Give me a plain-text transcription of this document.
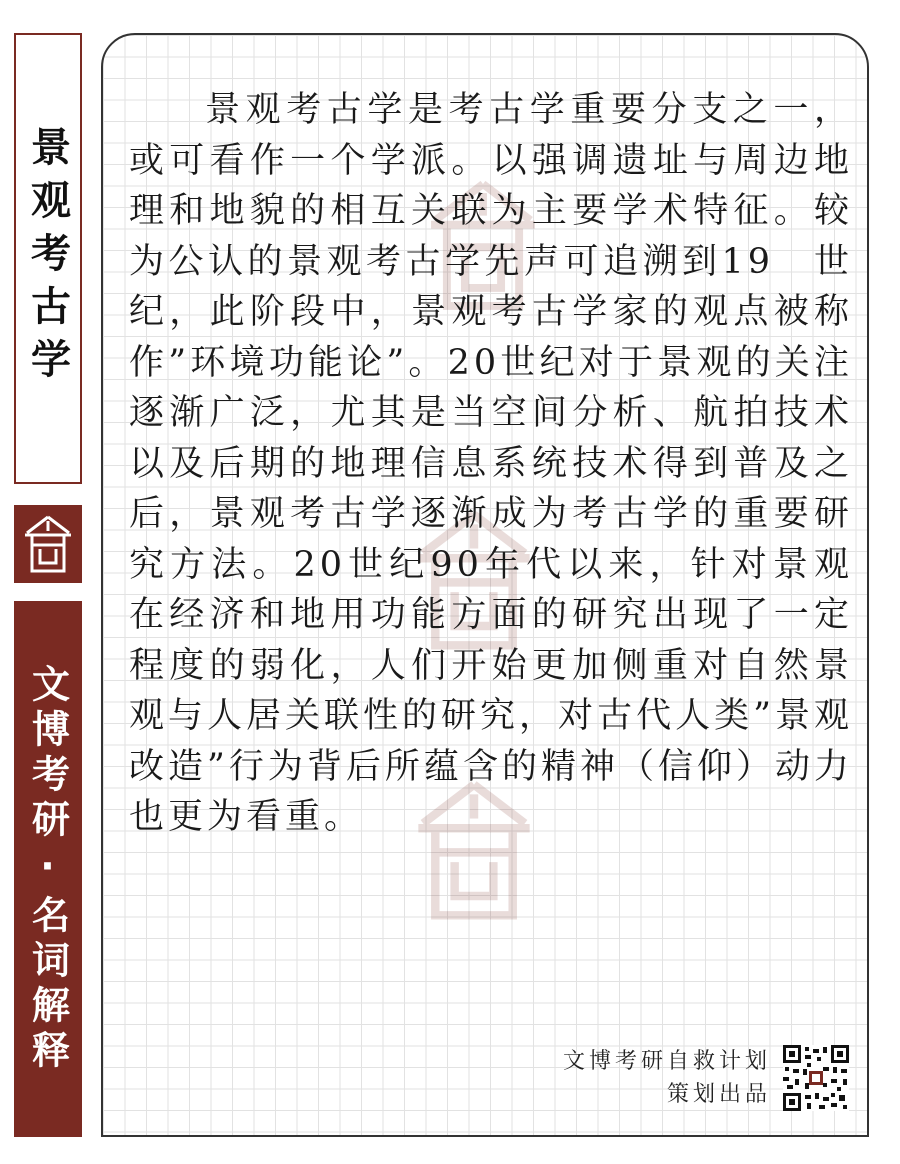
景观考古学
文博考研·名词解释

景观考古学是考古学重要分支之一，或可看作一个学派。以强调遗址与周边地理和地貌的相互关联为主要学术特征。较为公认的景观考古学先声可追溯到19　世纪，此阶段中，景观考古学家的观点被称作”环境功能论”。20世纪对于景观的关注逐渐广泛，尤其是当空间分析、航拍技术以及后期的地理信息系统技术得到普及之后，景观考古学逐渐成为考古学的重要研究方法。20世纪90年代以来，针对景观在经济和地用功能方面的研究出现了一定程度的弱化，人们开始更加侧重对自然景观与人居关联性的研究，对古代人类”景观改造”行为背后所蕴含的精神（信仰）动力也更为看重。

文博考研自救计划
策划出品
